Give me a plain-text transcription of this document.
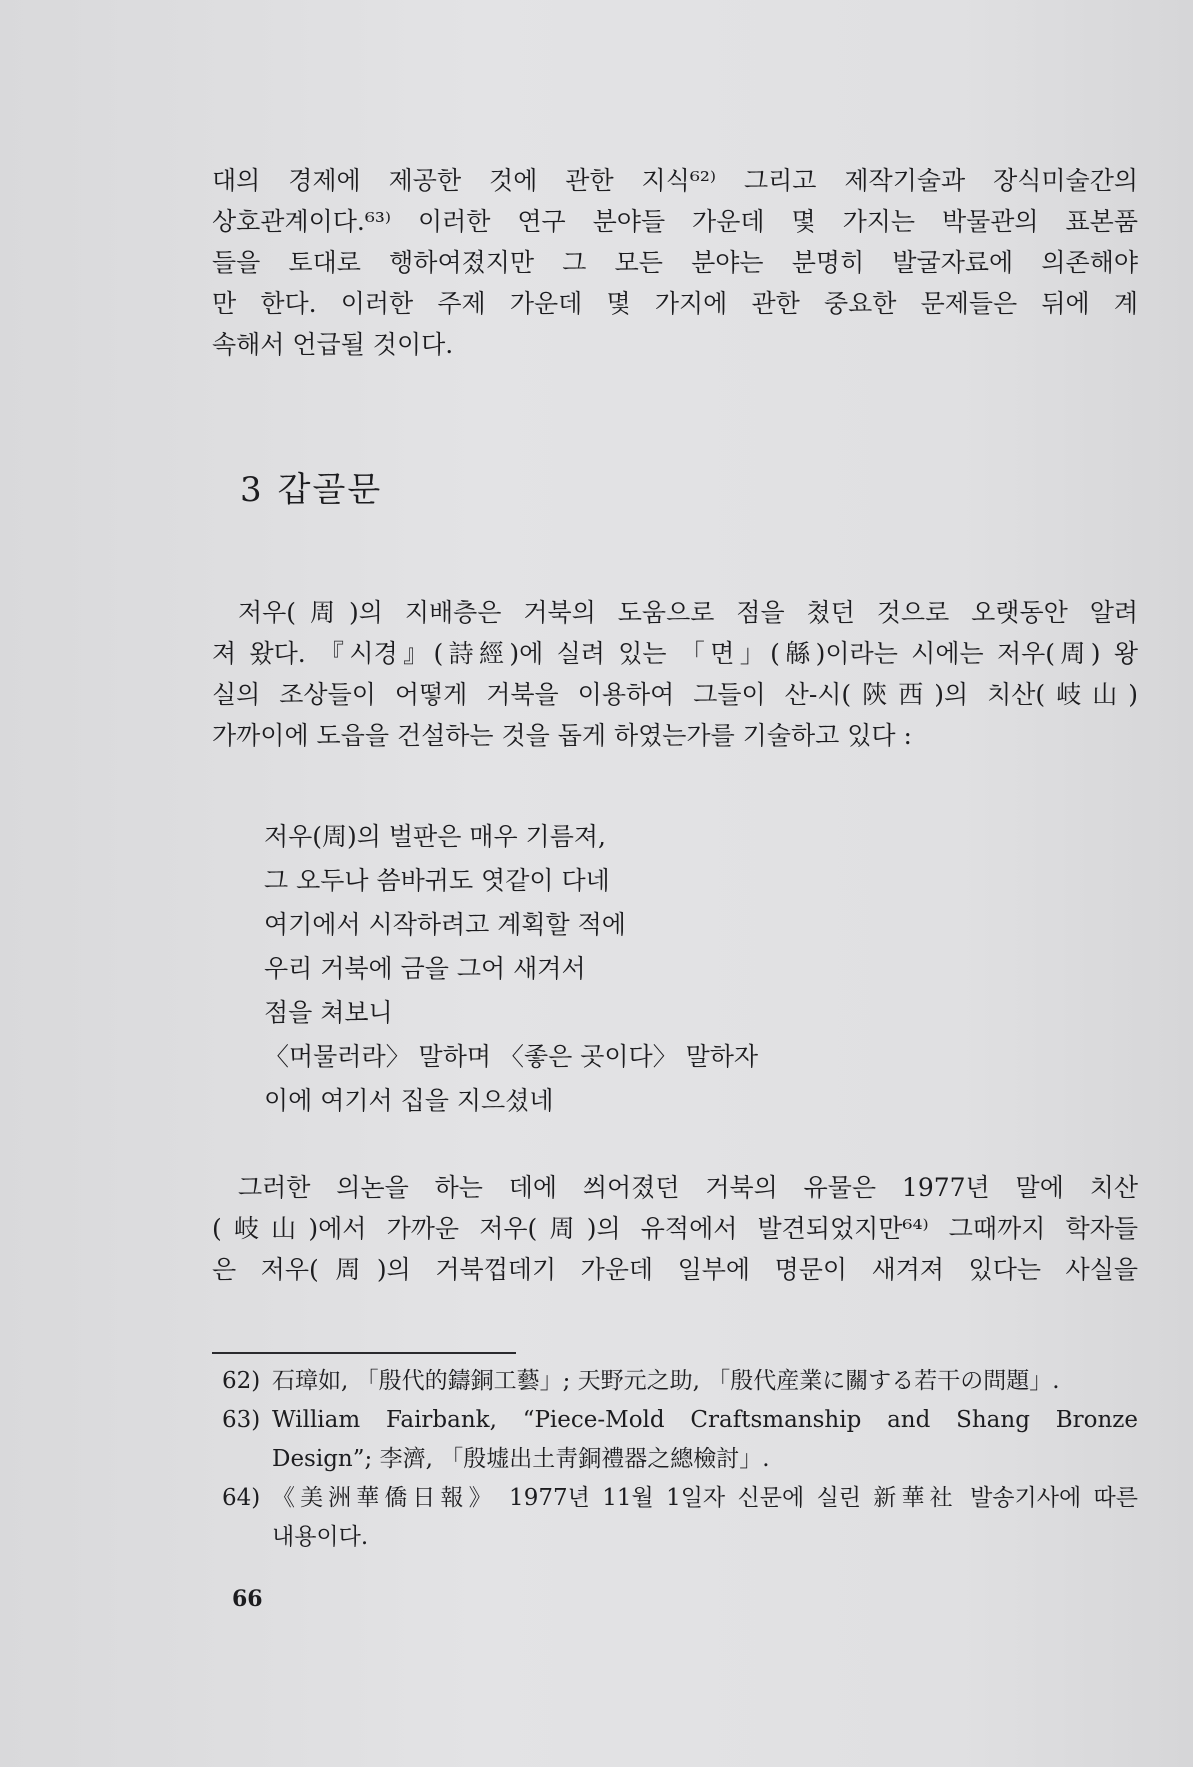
대의 경제에 제공한 것에 관한 지식⁶²⁾ 그리고 제작기술과 장식미술간의
상호관계이다.⁶³⁾ 이러한 연구 분야들 가운데 몇 가지는 박물관의 표본품
들을 토대로 행하여졌지만 그 모든 분야는 분명히 발굴자료에 의존해야
만 한다. 이러한 주제 가운데 몇 가지에 관한 중요한 문제들은 뒤에 계
속해서 언급될 것이다.
3 갑골문
저우(周)의 지배층은 거북의 도움으로 점을 쳤던 것으로 오랫동안 알려
져 왔다. 『시경』(詩經)에 실려 있는 「면」(緜)이라는 시에는 저우(周) 왕
실의 조상들이 어떻게 거북을 이용하여 그들이 산-시(陝西)의 치산(岐山)
가까이에 도읍을 건설하는 것을 돕게 하였는가를 기술하고 있다 :
저우(周)의 벌판은 매우 기름져,
그 오두나 씀바귀도 엿같이 다네
여기에서 시작하려고 계획할 적에
우리 거북에 금을 그어 새겨서
점을 쳐보니
〈머물러라〉 말하며 〈좋은 곳이다〉 말하자
이에 여기서 집을 지으셨네
그러한 의논을 하는 데에 씌어졌던 거북의 유물은 1977년 말에 치산
(岐山)에서 가까운 저우(周)의 유적에서 발견되었지만⁶⁴⁾ 그때까지 학자들
은 저우(周)의 거북껍데기 가운데 일부에 명문이 새겨져 있다는 사실을
62) 石璋如, 「殷代的鑄銅工藝」; 天野元之助, 「殷代産業に關する若干の問題」.
63) William Fairbank, “Piece-Mold Craftsmanship and Shang Bronze
Design”; 李濟, 「殷墟出土靑銅禮器之總檢討」.
64) 《美洲華僑日報》 1977년 11월 1일자 신문에 실린 新華社 발송기사에 따른
내용이다.
66
